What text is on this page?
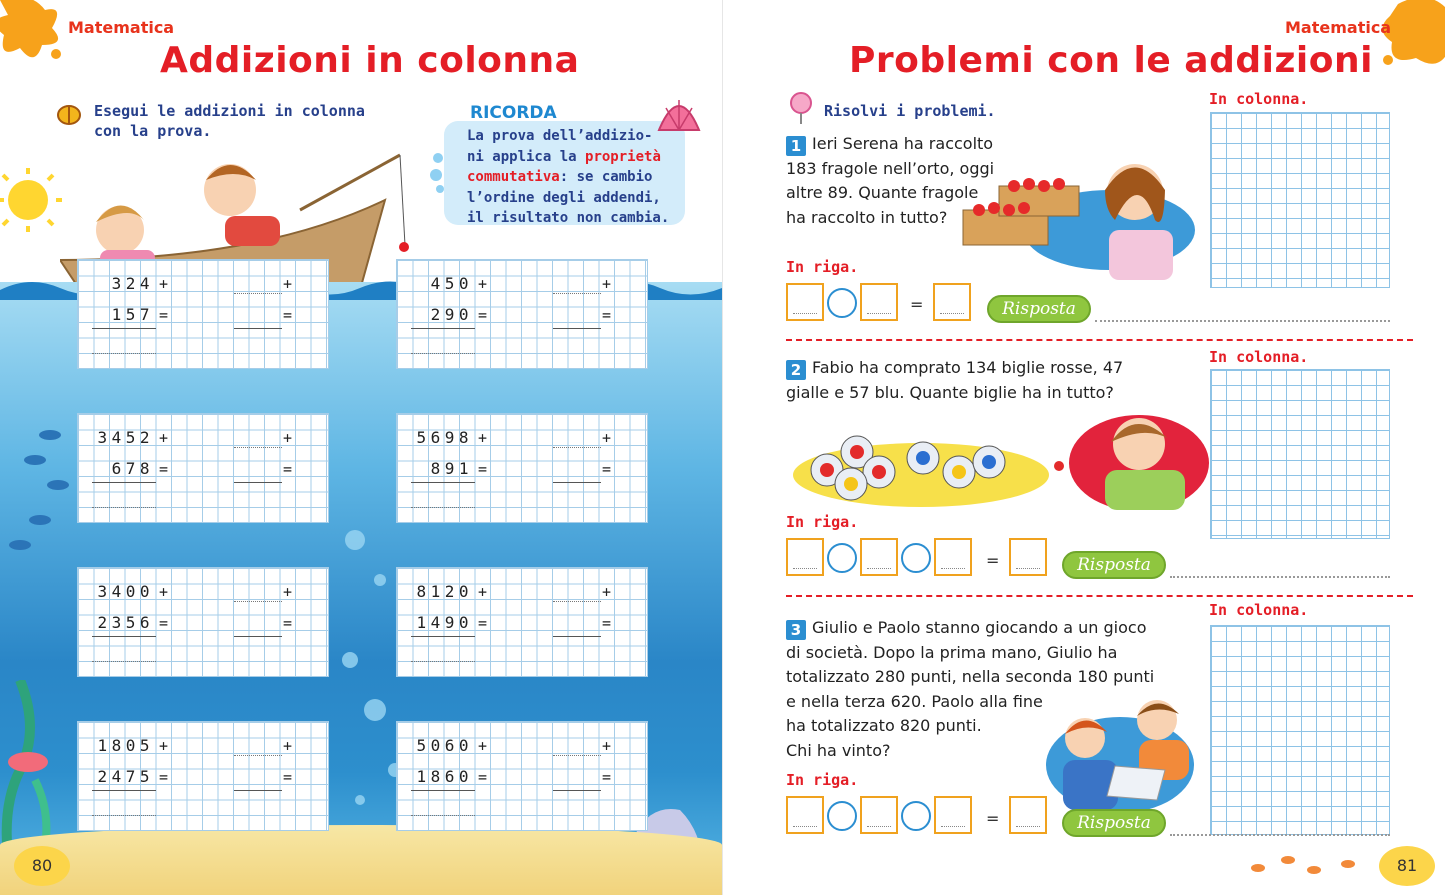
Matematica
Addizioni in colonna
Esegui le addizioni in colonna
con la prova.
RICORDA
La prova dell’addizio-
ni applica la proprietà
commutativa: se cambio
l’ordine degli addendi,
il risultato non cambia.
324 +
157 =
+
=
450 +
290 =
+
=
3452 +
678 =
+
=
5698 +
891 =
+
=
3400 +
2356 =
+
=
8120 +
1490 =
+
=
1805 +
2475 =
+
=
5060 +
1860 =
+
=
80
Matematica
Problemi con le addizioni
Risolvi i problemi.
In colonna.
1 Ieri Serena ha raccolto
183 fragole nell’orto, oggi
altre 89. Quante fragole
ha raccolto in tutto?
In riga.
=	Risposta
In colonna.
2 Fabio ha comprato 134 biglie rosse, 47
gialle e 57 blu. Quante biglie ha in tutto?
In riga.
=	Risposta
In colonna.
3 Giulio e Paolo stanno giocando a un gioco
di società. Dopo la prima mano, Giulio ha
totalizzato 280 punti, nella seconda 180 punti
e nella terza 620. Paolo alla fine
ha totalizzato 820 punti.
Chi ha vinto?
In riga.
=	Risposta
81
